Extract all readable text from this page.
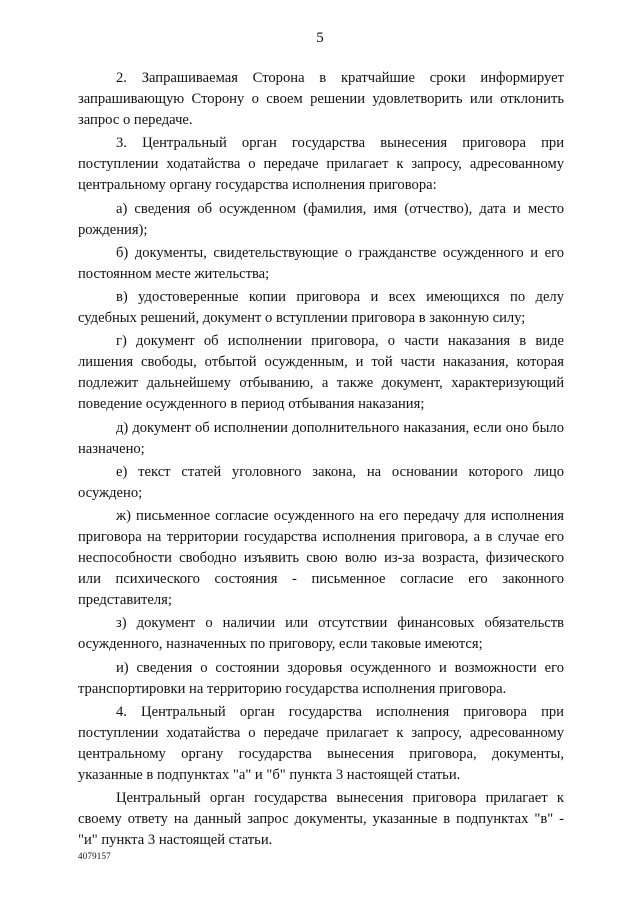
5

2. Запрашиваемая Сторона в кратчайшие сроки информирует запрашивающую Сторону о своем решении удовлетворить или отклонить запрос о передаче.

3. Центральный орган государства вынесения приговора при поступлении ходатайства о передаче прилагает к запросу, адресованному центральному органу государства исполнения приговора:

а) сведения об осужденном (фамилия, имя (отчество), дата и место рождения);

б) документы, свидетельствующие о гражданстве осужденного и его постоянном месте жительства;

в) удостоверенные копии приговора и всех имеющихся по делу судебных решений, документ о вступлении приговора в законную силу;

г) документ об исполнении приговора, о части наказания в виде лишения свободы, отбытой осужденным, и той части наказания, которая подлежит дальнейшему отбыванию, а также документ, характеризующий поведение осужденного в период отбывания наказания;

д) документ об исполнении дополнительного наказания, если оно было назначено;

е) текст статей уголовного закона, на основании которого лицо осуждено;

ж) письменное согласие осужденного на его передачу для исполнения приговора на территории государства исполнения приговора, а в случае его неспособности свободно изъявить свою волю из-за возраста, физического или психического состояния - письменное согласие его законного представителя;

з) документ о наличии или отсутствии финансовых обязательств осужденного, назначенных по приговору, если таковые имеются;

и) сведения о состоянии здоровья осужденного и возможности его транспортировки на территорию государства исполнения приговора.

4. Центральный орган государства исполнения приговора при поступлении ходатайства о передаче прилагает к запросу, адресованному центральному органу государства вынесения приговора, документы, указанные в подпунктах "а" и "б" пункта 3 настоящей статьи.

Центральный орган государства вынесения приговора прилагает к своему ответу на данный запрос документы, указанные в подпунктах "в" - "и" пункта 3 настоящей статьи.

4079157
